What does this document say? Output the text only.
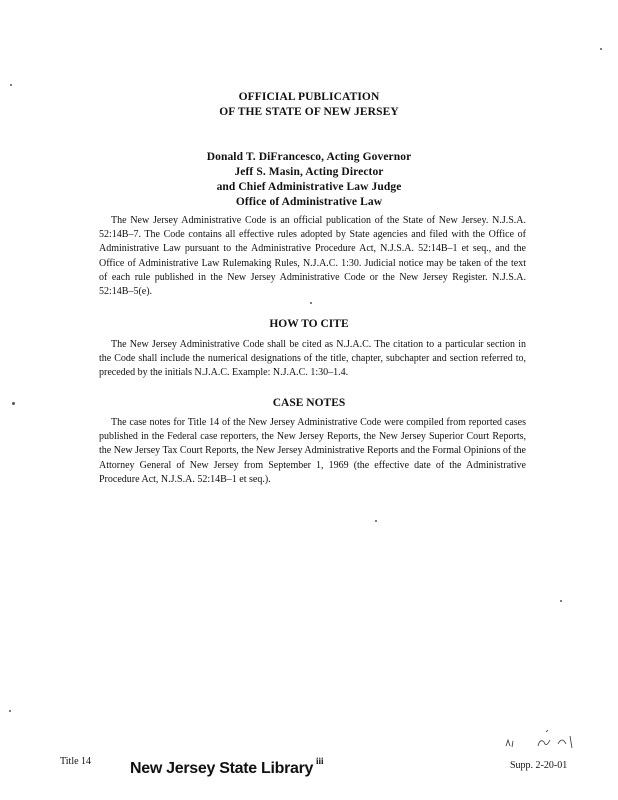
OFFICIAL PUBLICATION
OF THE STATE OF NEW JERSEY
Donald T. DiFrancesco, Acting Governor
Jeff S. Masin, Acting Director
and Chief Administrative Law Judge
Office of Administrative Law

The New Jersey Administrative Code is an official publication of the State of New Jersey. N.J.S.A. 52:14B–7. The Code contains all effective rules adopted by State agencies and filed with the Office of Administrative Law pursuant to the Administrative Procedure Act, N.J.S.A. 52:14B–1 et seq., and the Office of Administrative Law Rulemaking Rules, N.J.A.C. 1:30. Judicial notice may be taken of the text of each rule published in the New Jersey Administrative Code or the New Jersey Register. N.J.S.A. 52:14B–5(e).

HOW TO CITE

The New Jersey Administrative Code shall be cited as N.J.A.C. The citation to a particular section in the Code shall include the numerical designations of the title, chapter, subchapter and section referred to, preceded by the initials N.J.A.C. Example: N.J.A.C. 1:30–1.4.

CASE NOTES

The case notes for Title 14 of the New Jersey Administrative Code were compiled from reported cases published in the Federal case reporters, the New Jersey Reports, the New Jersey Superior Court Reports, the New Jersey Tax Court Reports, the New Jersey Administrative Reports and the Formal Opinions of the Attorney General of New Jersey from September 1, 1969 (the effective date of the Administrative Procedure Act, N.J.S.A. 52:14B–1 et seq.).

Title 14 New Jersey State Library iii	Supp. 2-20-01
